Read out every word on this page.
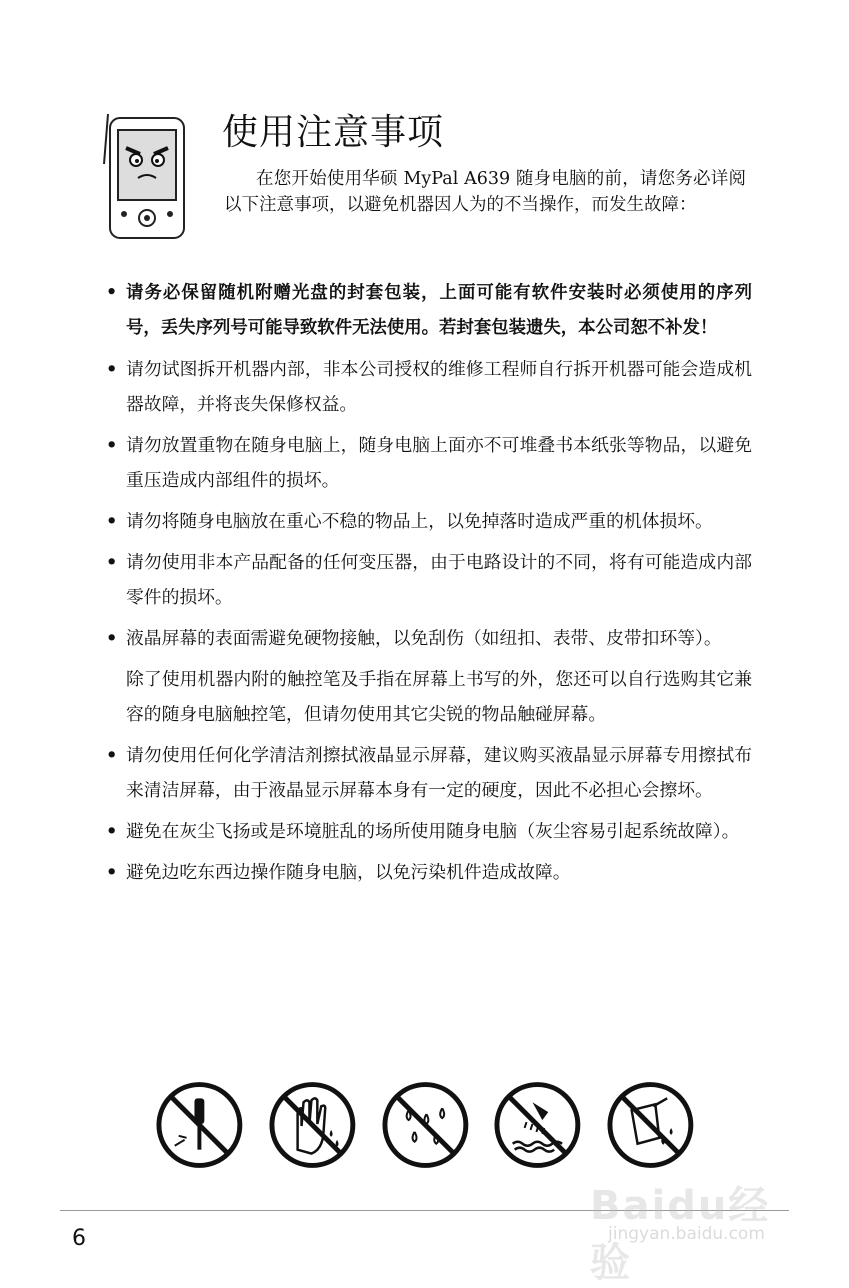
使用注意事项

在您开始使用华硕 MyPal A639 随身电脑的前，请您务必详阅以下注意事项，以避免机器因人为的不当操作，而发生故障：

• 请务必保留随机附赠光盘的封套包装，上面可能有软件安装时必须使用的序列号，丢失序列号可能导致软件无法使用。若封套包装遗失，本公司恕不补发！
• 请勿试图拆开机器内部，非本公司授权的维修工程师自行拆开机器可能会造成机器故障，并将丧失保修权益。
• 请勿放置重物在随身电脑上，随身电脑上面亦不可堆叠书本纸张等物品，以避免重压造成内部组件的损坏。
• 请勿将随身电脑放在重心不稳的物品上，以免掉落时造成严重的机体损坏。
• 请勿使用非本产品配备的任何变压器，由于电路设计的不同，将有可能造成内部零件的损坏。
• 液晶屏幕的表面需避免硬物接触，以免刮伤（如纽扣、表带、皮带扣环等）。
除了使用机器内附的触控笔及手指在屏幕上书写的外，您还可以自行选购其它兼容的随身电脑触控笔，但请勿使用其它尖锐的物品触碰屏幕。
• 请勿使用任何化学清洁剂擦拭液晶显示屏幕，建议购买液晶显示屏幕专用擦拭布来清洁屏幕，由于液晶显示屏幕本身有一定的硬度，因此不必担心会擦坏。
• 避免在灰尘飞扬或是环境脏乱的场所使用随身电脑（灰尘容易引起系统故障）。
• 避免边吃东西边操作随身电脑，以免污染机件造成故障。
6
Baidu经验
jingyan.baidu.com
